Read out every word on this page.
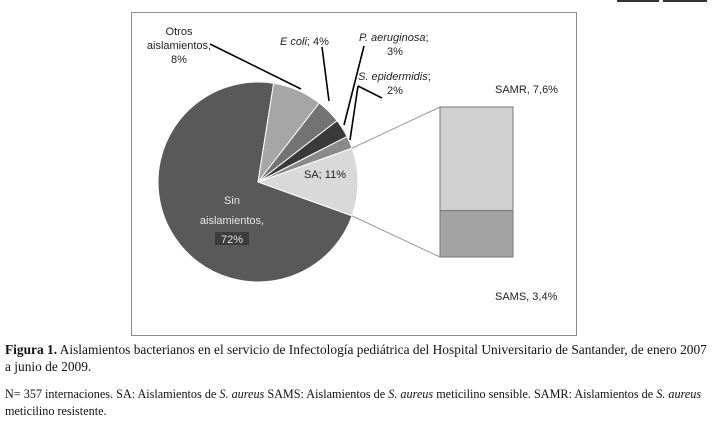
Otros
aislamientos,
8%
E coli; 4%	P. aeruginosa;
3%
S. epidermidis;
2%
SA; 11%
Sin
aislamientos,
72%
SAMR, 7,6%
SAMS, 3,4%
Figura 1. Aislamientos bacterianos en el servicio de Infectología pediátrica del Hospital Universitario de Santander, de enero 2007 a junio de 2009.
N= 357 internaciones. SA: Aislamientos de S. aureus SAMS: Aislamientos de S. aureus meticilino sensible. SAMR: Aislamientos de S. aureus meticilino resistente.
